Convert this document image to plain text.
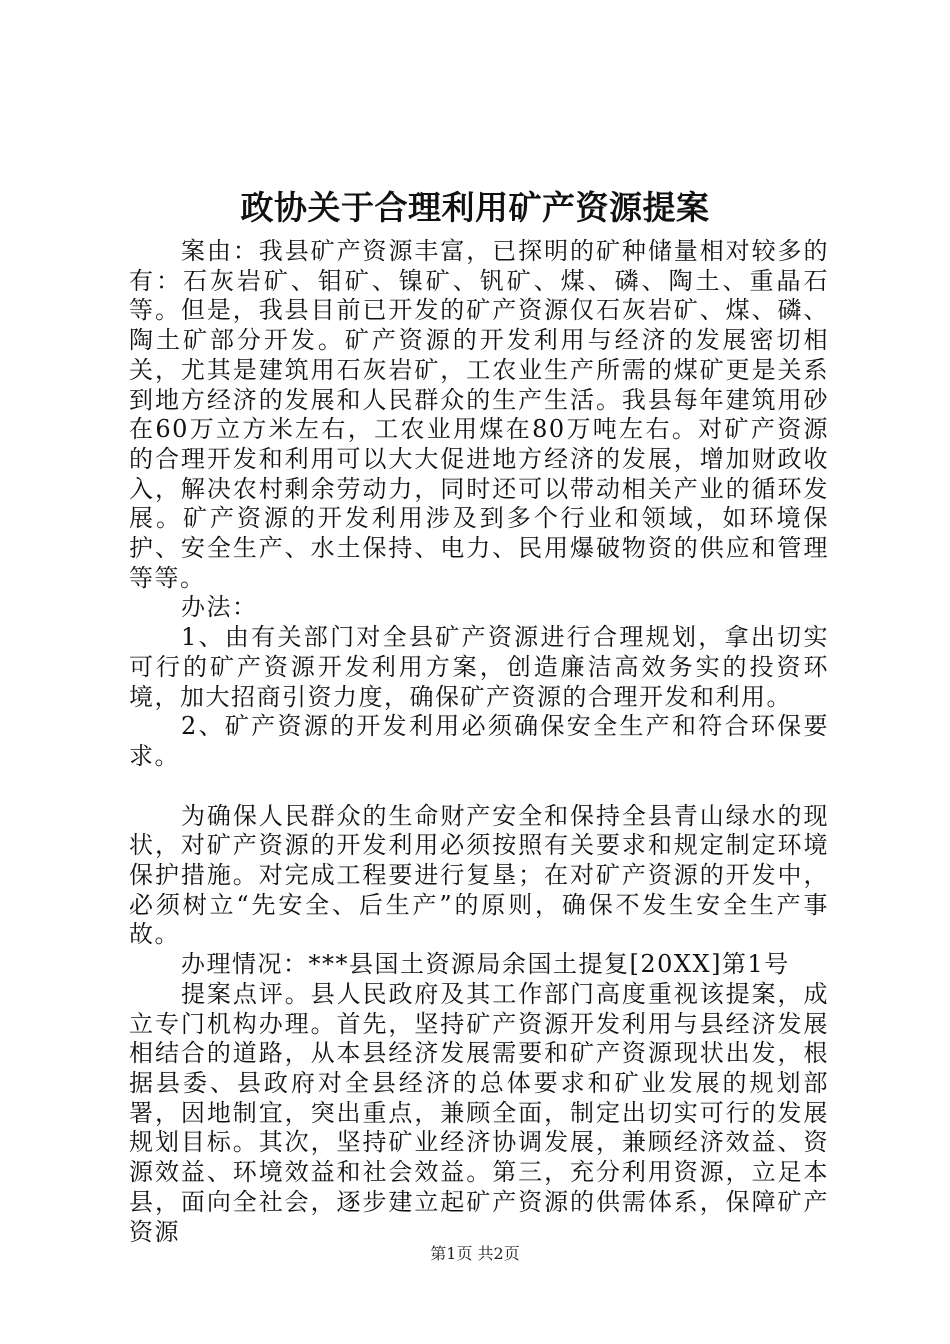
政协关于合理利用矿产资源提案

案由：我县矿产资源丰富，已探明的矿种储量相对较多的有：石灰岩矿、钼矿、镍矿、钒矿、煤、磷、陶土、重晶石等。但是，我县目前已开发的矿产资源仅石灰岩矿、煤、磷、陶土矿部分开发。矿产资源的开发利用与经济的发展密切相关，尤其是建筑用石灰岩矿，工农业生产所需的煤矿更是关系到地方经济的发展和人民群众的生产生活。我县每年建筑用砂在60万立方米左右，工农业用煤在80万吨左右。对矿产资源的合理开发和利用可以大大促进地方经济的发展，增加财政收入，解决农村剩余劳动力，同时还可以带动相关产业的循环发展。矿产资源的开发利用涉及到多个行业和领域，如环境保护、安全生产、水土保持、电力、民用爆破物资的供应和管理等等。

办法：

1、由有关部门对全县矿产资源进行合理规划，拿出切实可行的矿产资源开发利用方案，创造廉洁高效务实的投资环境，加大招商引资力度，确保矿产资源的合理开发和利用。

2、矿产资源的开发利用必须确保安全生产和符合环保要求。

为确保人民群众的生命财产安全和保持全县青山绿水的现状，对矿产资源的开发利用必须按照有关要求和规定制定环境保护措施。对完成工程要进行复垦；在对矿产资源的开发中，必须树立“先安全、后生产”的原则，确保不发生安全生产事故。

办理情况：***县国土资源局余国土提复[20XX]第1号

提案点评。县人民政府及其工作部门高度重视该提案，成立专门机构办理。首先，坚持矿产资源开发利用与县经济发展相结合的道路，从本县经济发展需要和矿产资源现状出发，根据县委、县政府对全县经济的总体要求和矿业发展的规划部署，因地制宜，突出重点，兼顾全面，制定出切实可行的发展规划目标。其次，坚持矿业经济协调发展，兼顾经济效益、资源效益、环境效益和社会效益。第三，充分利用资源，立足本县，面向全社会，逐步建立起矿产资源的供需体系，保障矿产资源

第1页 共2页
